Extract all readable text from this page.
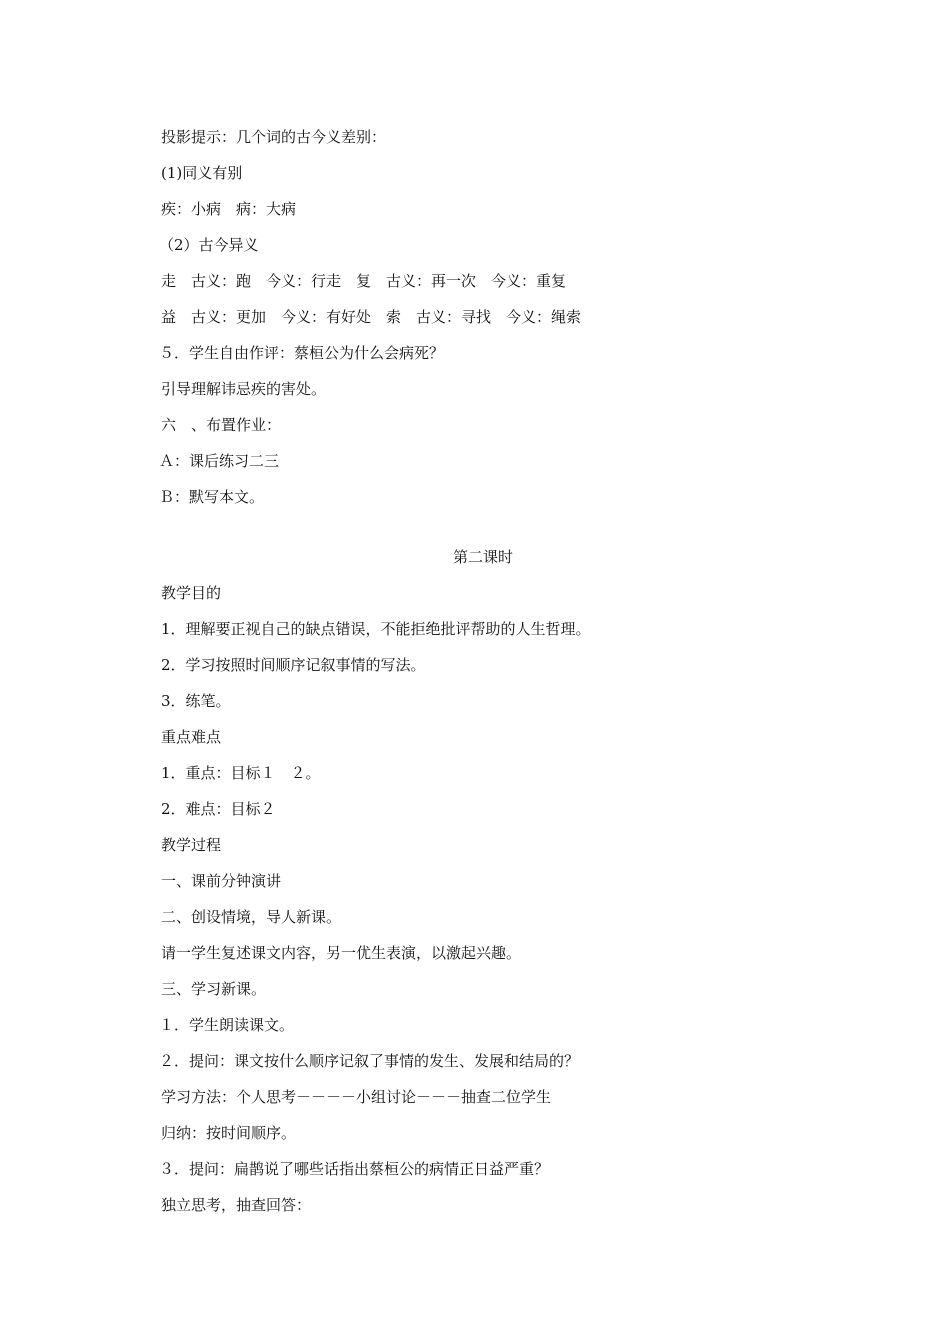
投影提示：几个词的古今义差别：
(1)同义有别
疾：小病　病：大病
（2）古今异义
走　古义：跑　今义：行走　复　古义：再一次　今义：重复
益　古义：更加　今义：有好处　索　古义：寻找　今义：绳索
５．学生自由作评：蔡桓公为什么会病死？
引导理解讳忌疾的害处。
六　、布置作业：
Ａ：课后练习二三
Ｂ：默写本文。
第二课时
教学目的
1．理解要正视自己的缺点错误，不能拒绝批评帮助的人生哲理。
2．学习按照时间顺序记叙事情的写法。
3．练笔。
重点难点
1．重点：目标１　２。
2．难点：目标２
教学过程
一、课前分钟演讲
二、创设情境，导人新课。
请一学生复述课文内容，另一优生表演，以激起兴趣。
三、学习新课。
１．学生朗读课文。
２．提问：课文按什么顺序记叙了事情的发生、发展和结局的？
学习方法：个人思考－－－－小组讨论－－－抽查二位学生
归纳：按时间顺序。
３．提问：扁鹊说了哪些话指出蔡桓公的病情正日益严重？
独立思考，抽查回答：
